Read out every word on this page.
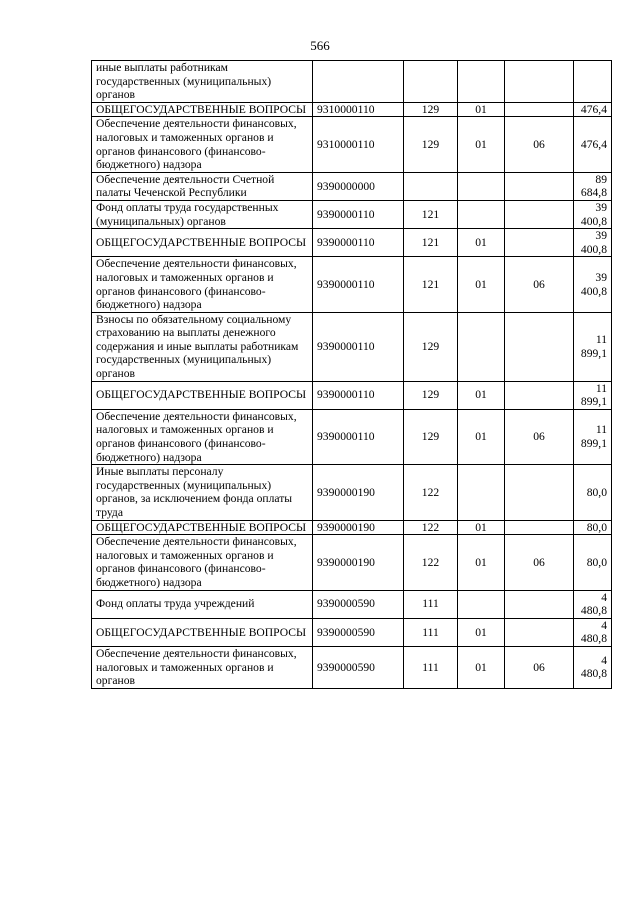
566
иные выплаты работникам государственных (муниципальных) органов					
ОБЩЕГОСУДАРСТВЕННЫЕ ВОПРОСЫ	9310000110	129	01		476,4
Обеспечение деятельности финансовых, налоговых и таможенных органов и органов финансового (финансово-бюджетного) надзора	9310000110	129	01	06	476,4
Обеспечение деятельности Счетной палаты Чеченской Республики	9390000000				89 684,8
Фонд оплаты труда государственных (муниципальных) органов	9390000110	121			39 400,8
ОБЩЕГОСУДАРСТВЕННЫЕ ВОПРОСЫ	9390000110	121	01		39 400,8
Обеспечение деятельности финансовых, налоговых и таможенных органов и органов финансового (финансово-бюджетного) надзора	9390000110	121	01	06	39 400,8
Взносы по обязательному социальному страхованию на выплаты денежного содержания и иные выплаты работникам государственных (муниципальных) органов	9390000110	129			11 899,1
ОБЩЕГОСУДАРСТВЕННЫЕ ВОПРОСЫ	9390000110	129	01		11 899,1
Обеспечение деятельности финансовых, налоговых и таможенных органов и органов финансового (финансово-бюджетного) надзора	9390000110	129	01	06	11 899,1
Иные выплаты персоналу государственных (муниципальных) органов, за исключением фонда оплаты труда	9390000190	122			80,0
ОБЩЕГОСУДАРСТВЕННЫЕ ВОПРОСЫ	9390000190	122	01		80,0
Обеспечение деятельности финансовых, налоговых и таможенных органов и органов финансового (финансово-бюджетного) надзора	9390000190	122	01	06	80,0
Фонд оплаты труда учреждений	9390000590	111			4 480,8
ОБЩЕГОСУДАРСТВЕННЫЕ ВОПРОСЫ	9390000590	111	01		4 480,8
Обеспечение деятельности финансовых, налоговых и таможенных органов и органов	9390000590	111	01	06	4 480,8
